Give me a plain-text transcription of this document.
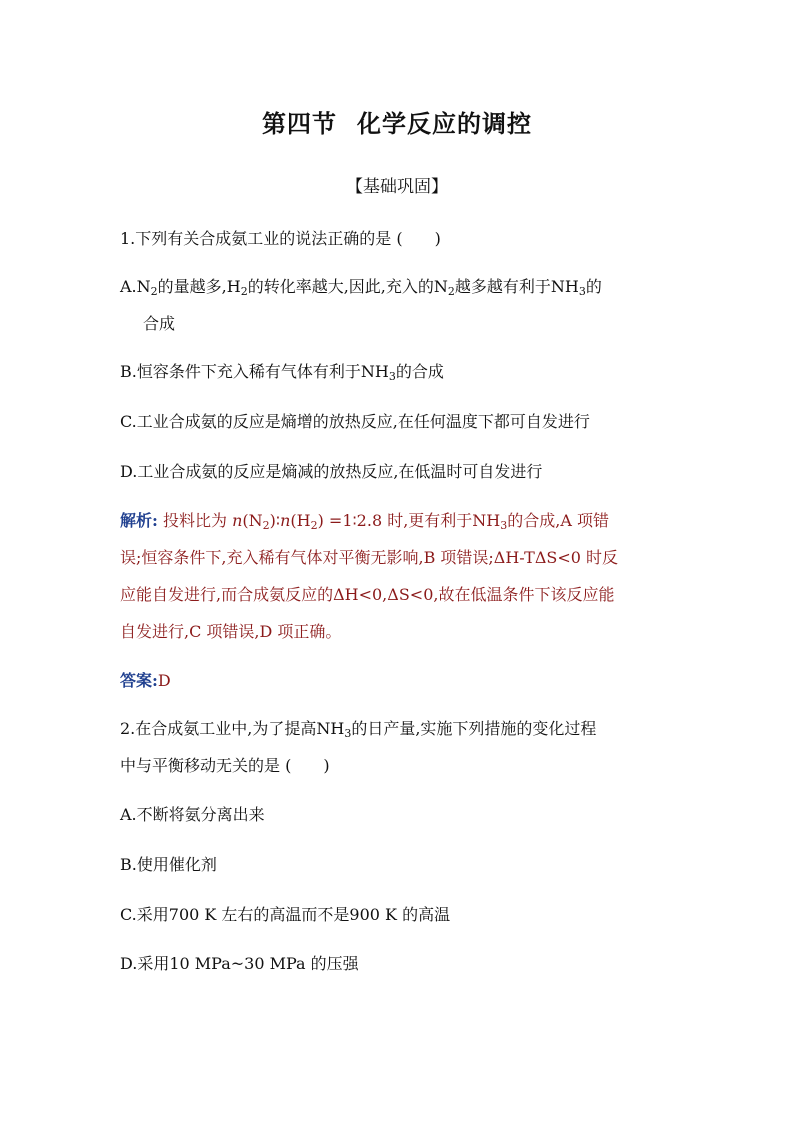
第四节 化学反应的调控
【基础巩固】
1.下列有关合成氨工业的说法正确的是 (　　)
$A.N_2$的量越多$,H_2$的转化率越大,因此,充入的$N_2$越多越有利于$NH_3$的
合成
B.恒容条件下充入稀有气体有利于$NH_3$的合成
C.工业合成氨的反应是熵增的放热反应,在任何温度下都可自发进行
D.工业合成氨的反应是熵减的放热反应,在低温时可自发进行
解析: 投料比为 $n(N_2)∶n(H_2)$ =1∶2.8 时,更有利于$NH_3$的合成,A 项错
误;恒容条件下,充入稀有气体对平衡无影响,B 项错误;ΔH-TΔS<0 时反
应能自发进行,而合成氨反应的ΔH<0,ΔS<0,故在低温条件下该反应能
自发进行,C 项错误,D 项正确。
答案:D
2.在合成氨工业中,为了提高$NH_3$的日产量,实施下列措施的变化过程
中与平衡移动无关的是 (　　)
A.不断将氨分离出来
B.使用催化剂
C.采用700 K 左右的高温而不是900 K 的高温
D.采用10 MPa~30 MPa 的压强
